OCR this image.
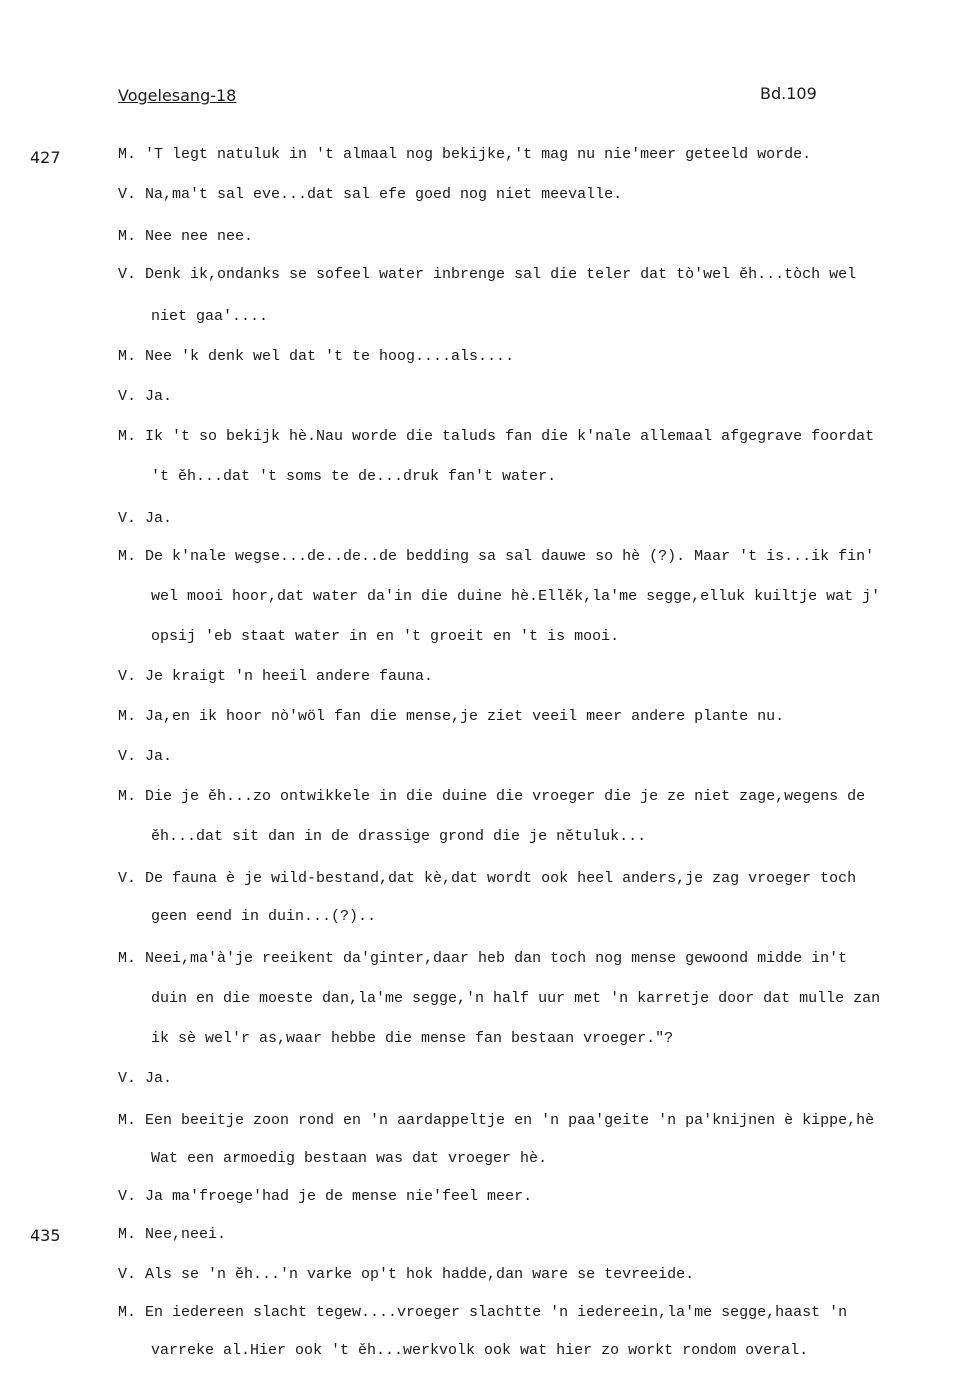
Vogelesang-18	Bd.109
427
435
M. 'T legt natuluk in 't almaal nog bekijke,'t mag nu nie'meer geteeld worde.
V. Na,ma't sal eve...dat sal efe goed nog niet meevalle.
M. Nee nee nee.
V. Denk ik,ondanks se sofeel water inbrenge sal die teler dat tò'wel ěh...tòch wel
niet gaa'....
M. Nee 'k denk wel dat 't te hoog....als....
V. Ja.
M. Ik 't so bekijk hè.Nau worde die taluds fan die k'nale allemaal afgegrave foordat
't ěh...dat 't soms te de...druk fan't water.
V. Ja.
M. De k'nale wegse...de..de..de bedding sa sal dauwe so hè (?). Maar 't is...ik fin'
wel mooi hoor,dat water da'in die duine hè.Ellěk,la'me segge,elluk kuiltje wat j'
opsij 'eb staat water in en 't groeit en 't is mooi.
V. Je kraigt 'n heeil andere fauna.
M. Ja,en ik hoor nò'wöl fan die mense,je ziet veeil meer andere plante nu.
V. Ja.
M. Die je ěh...zo ontwikkele in die duine die vroeger die je ze niet zage,wegens de
ěh...dat sit dan in de drassige grond die je nětuluk...
V. De fauna è je wild-bestand,dat kè,dat wordt ook heel anders,je zag vroeger toch
geen eend in duin...(?)..
M. Neei,ma'à'je reeikent da'ginter,daar heb dan toch nog mense gewoond midde in't
duin en die moeste dan,la'me segge,'n half uur met 'n karretje door dat mulle zan
ik sè wel'r as,waar hebbe die mense fan bestaan vroeger."?
V. Ja.
M. Een beeitje zoon rond en 'n aardappeltje en 'n paa'geite 'n pa'knijnen è kippe,hè
Wat een armoedig bestaan was dat vroeger hè.
V. Ja ma'froege'had je de mense nie'feel meer.
M. Nee,neei.
V. Als se 'n ěh...'n varke op't hok hadde,dan ware se tevreeide.
M. En iedereen slacht tegew....vroeger slachtte 'n iedereein,la'me segge,haast 'n
varreke al.Hier ook 't ěh...werkvolk ook wat hier zo workt rondom overal.
